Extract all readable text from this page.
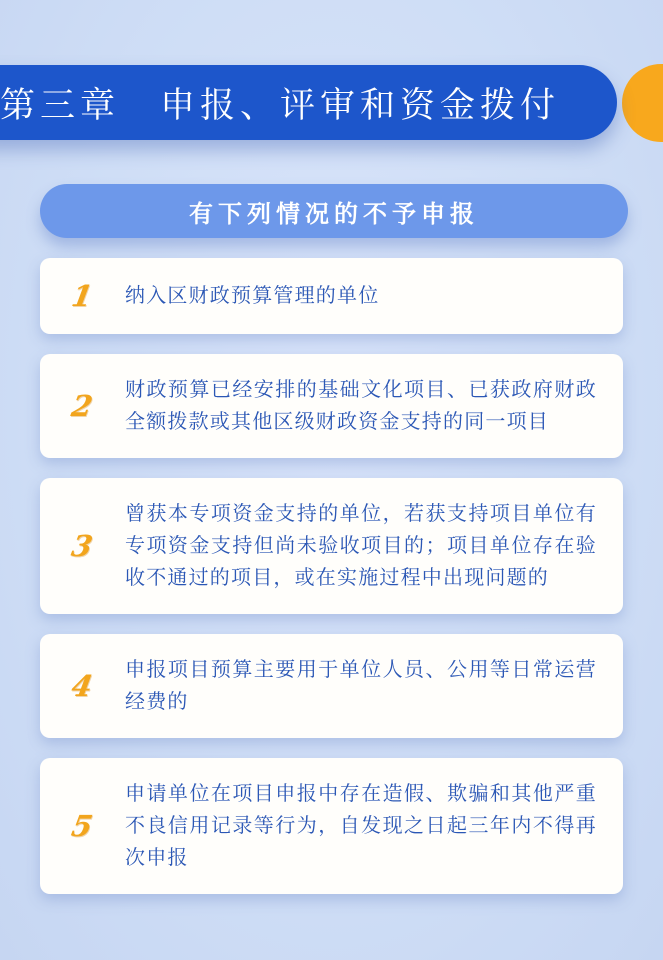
第三章　申报、评审和资金拨付
有下列情况的不予申报
1	纳入区财政预算管理的单位
2	财政预算已经安排的基础文化项目、已获政府财政全额拨款或其他区级财政资金支持的同一项目
3
曾获本专项资金支持的单位，若获支持项目单位有专项资金支持但尚未验收项目的；项目单位存在验收不通过的项目，或在实施过程中出现问题的
4	申报项目预算主要用于单位人员、公用等日常运营经费的
5
申请单位在项目申报中存在造假、欺骗和其他严重不良信用记录等行为，自发现之日起三年内不得再次申报
